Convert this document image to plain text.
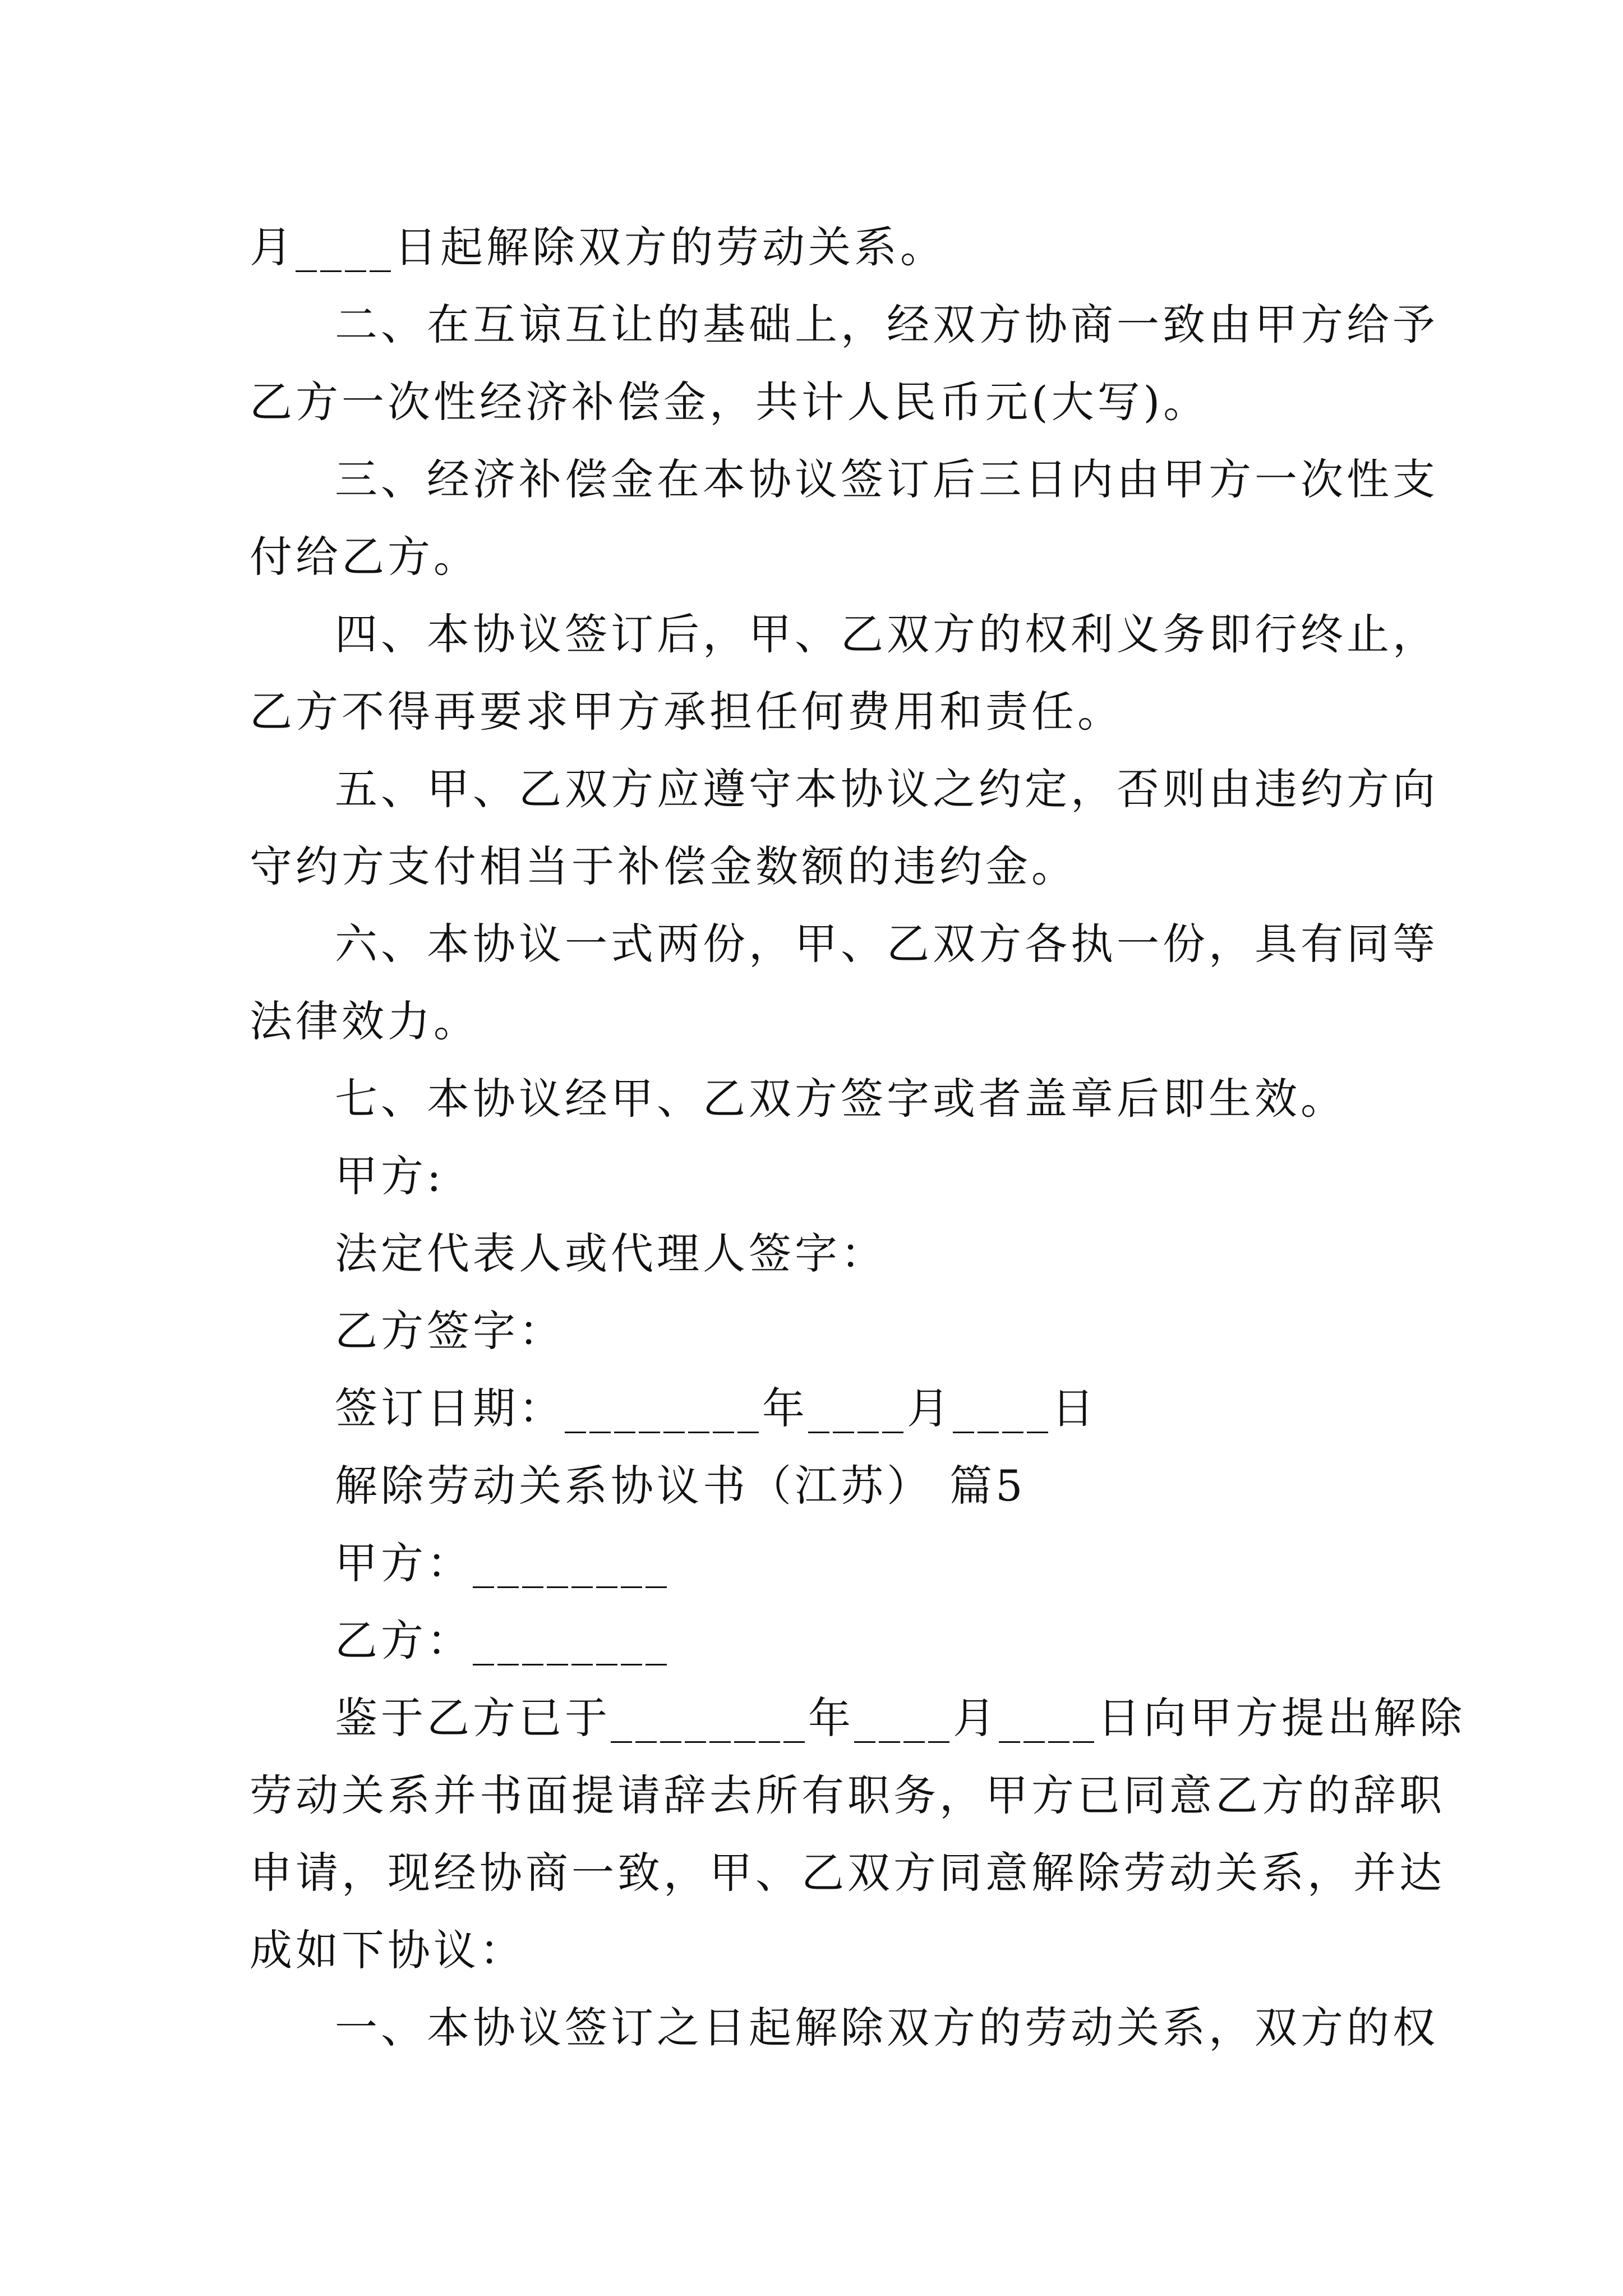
月____日起解除双方的劳动关系。
二、在互谅互让的基础上，经双方协商一致由甲方给予
乙方一次性经济补偿金，共计人民币元(大写)。
三、经济补偿金在本协议签订后三日内由甲方一次性支
付给乙方。
四、本协议签订后，甲、乙双方的权利义务即行终止，
乙方不得再要求甲方承担任何费用和责任。
五、甲、乙双方应遵守本协议之约定，否则由违约方向
守约方支付相当于补偿金数额的违约金。
六、本协议一式两份，甲、乙双方各执一份，具有同等
法律效力。
七、本协议经甲、乙双方签字或者盖章后即生效。
甲方:
法定代表人或代理人签字：
乙方签字：
签订日期：________年____月____日
解除劳动关系协议书（江苏） 篇5
甲方：________
乙方：________
鉴于乙方已于________年____月____日向甲方提出解除
劳动关系并书面提请辞去所有职务，甲方已同意乙方的辞职
申请，现经协商一致，甲、乙双方同意解除劳动关系，并达
成如下协议：
一、本协议签订之日起解除双方的劳动关系，双方的权
